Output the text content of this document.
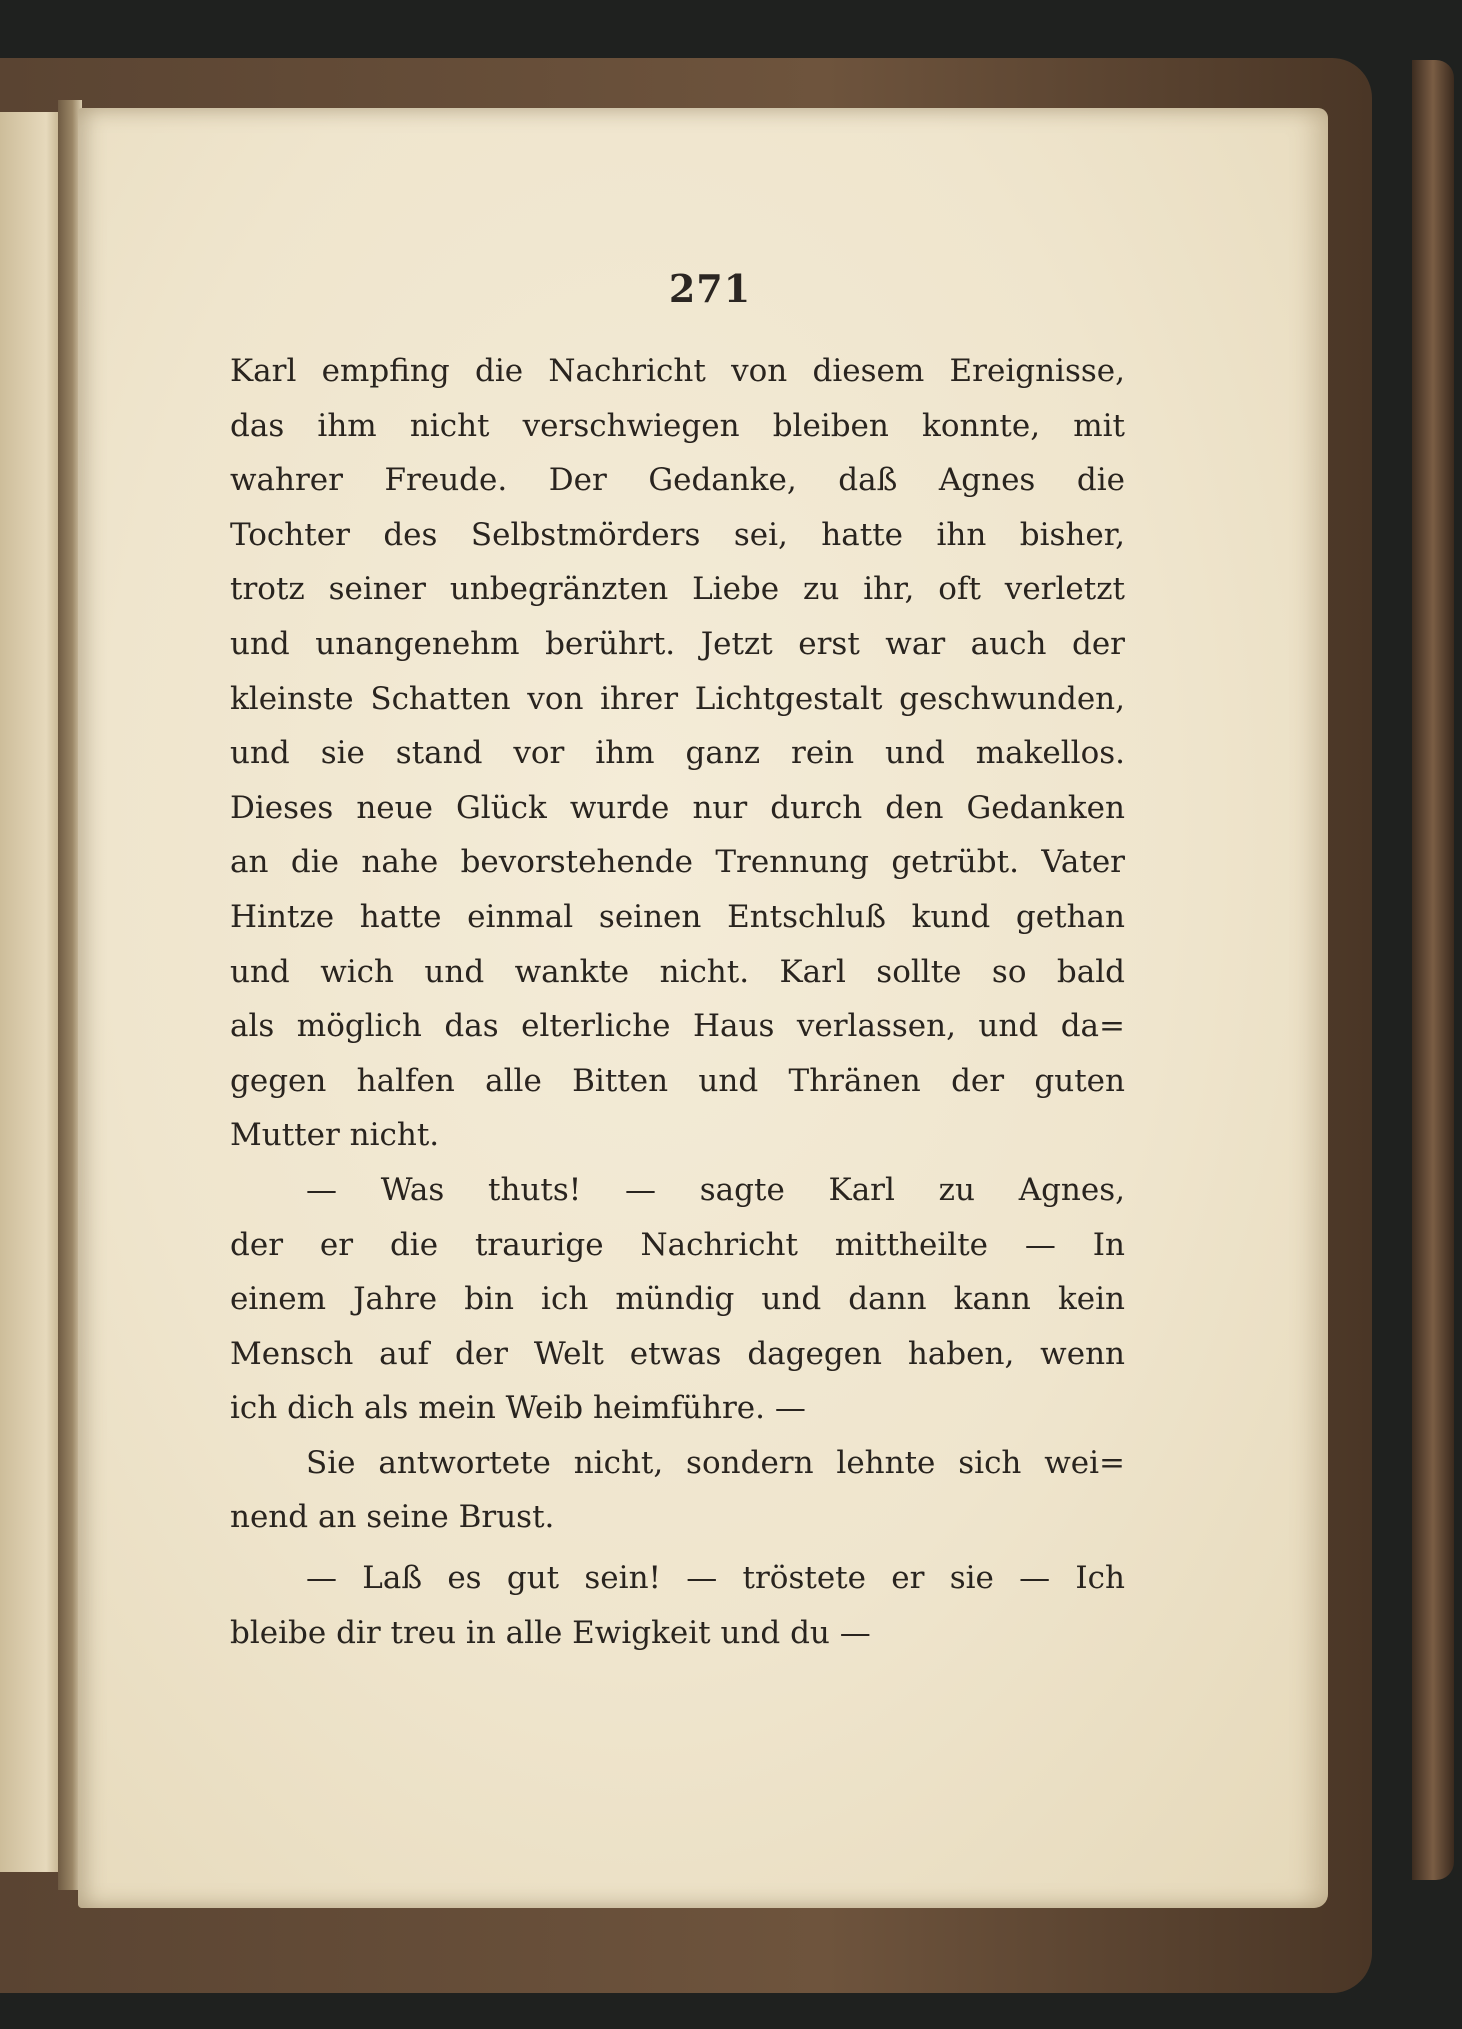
271
Karl empfing die Nachricht von diesem Ereignisse,
das ihm nicht verschwiegen bleiben konnte, mit
wahrer Freude. Der Gedanke, daß Agnes die
Tochter des Selbstmörders sei, hatte ihn bisher,
trotz seiner unbegränzten Liebe zu ihr, oft verletzt
und unangenehm berührt. Jetzt erst war auch der
kleinste Schatten von ihrer Lichtgestalt geschwunden,
und sie stand vor ihm ganz rein und makellos.
Dieses neue Glück wurde nur durch den Gedanken
an die nahe bevorstehende Trennung getrübt. Vater
Hintze hatte einmal seinen Entschluß kund gethan
und wich und wankte nicht. Karl sollte so bald
als möglich das elterliche Haus verlassen, und da=
gegen halfen alle Bitten und Thränen der guten
Mutter nicht.
— Was thuts! — sagte Karl zu Agnes,
der er die traurige Nachricht mittheilte — In
einem Jahre bin ich mündig und dann kann kein
Mensch auf der Welt etwas dagegen haben, wenn
ich dich als mein Weib heimführe. —
Sie antwortete nicht, sondern lehnte sich wei=
nend an seine Brust.
— Laß es gut sein! — tröstete er sie — Ich
bleibe dir treu in alle Ewigkeit und du —
